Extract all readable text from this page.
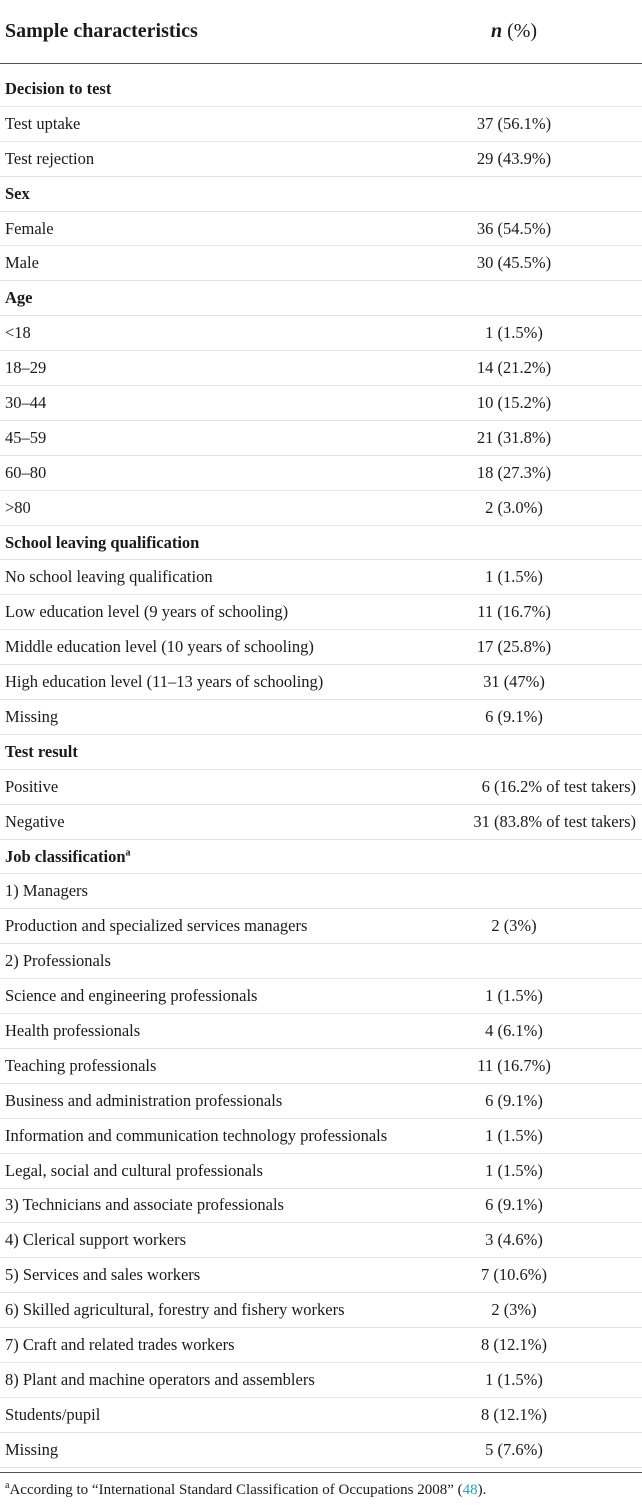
Sample characteristics	n (%)
Decision to test
Test uptake	37 (56.1%)
Test rejection	29 (43.9%)
Sex
Female	36 (54.5%)
Male	30 (45.5%)
Age
<18	1 (1.5%)
18–29	14 (21.2%)
30–44	10 (15.2%)
45–59	21 (31.8%)
60–80	18 (27.3%)
>80	2 (3.0%)
School leaving qualification
No school leaving qualification	1 (1.5%)
Low education level (9 years of schooling)	11 (16.7%)
Middle education level (10 years of schooling)	17 (25.8%)
High education level (11–13 years of schooling)	31 (47%)
Missing	6 (9.1%)
Test result
Positive	6 (16.2% of test takers)
Negative	31 (83.8% of test takers)
Job classification$^a$
1) Managers
Production and specialized services managers	2 (3%)
2) Professionals
Science and engineering professionals	1 (1.5%)
Health professionals	4 (6.1%)
Teaching professionals	11 (16.7%)
Business and administration professionals	6 (9.1%)
Information and communication technology professionals	1 (1.5%)
Legal, social and cultural professionals	1 (1.5%)
3) Technicians and associate professionals	6 (9.1%)
4) Clerical support workers	3 (4.6%)
5) Services and sales workers	7 (10.6%)
6) Skilled agricultural, forestry and fishery workers	2 (3%)
7) Craft and related trades workers	8 (12.1%)
8) Plant and machine operators and assemblers	1 (1.5%)
Students/pupil	8 (12.1%)
Missing	5 (7.6%)
$^a$According to “International Standard Classification of Occupations 2008” (48).
